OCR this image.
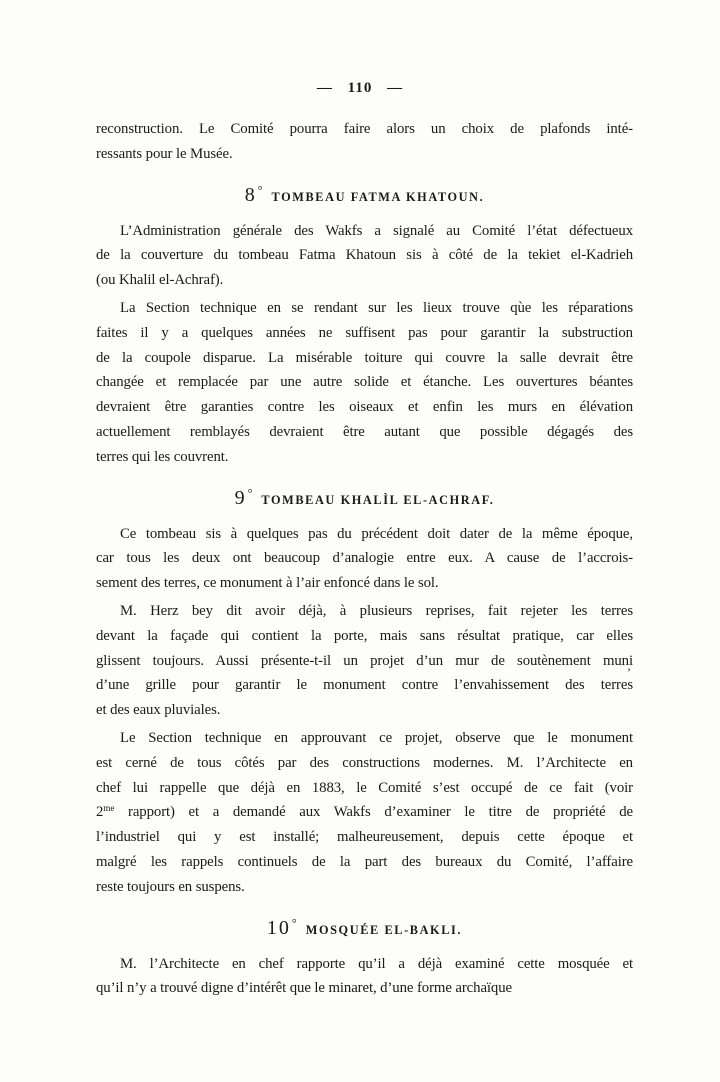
— 110 —
reconstruction. Le Comité pourra faire alors un choix de plafonds inté-
ressants pour le Musée.
8° TOMBEAU FATMA KHATOUN.
L’Administration générale des Wakfs a signalé au Comité l’état défectueux
de la couverture du tombeau Fatma Khatoun sis à côté de la tekiet el-Kadrieh
(ou Khalil el-Achraf).
La Section technique en se rendant sur les lieux trouve qùe les réparations
faites il y a quelques années ne suffisent pas pour garantir la substruction
de la coupole disparue. La misérable toiture qui couvre la salle devrait être
changée et remplacée par une autre solide et étanche. Les ouvertures béantes
devraient être garanties contre les oiseaux et enfin les murs en élévation
actuellement remblayés devraient être autant que possible dégagés des
terres qui les couvrent.
9° TOMBEAU KHALÌL EL-ACHRAF.
Ce tombeau sis à quelques pas du précédent doit dater de la même époque,
car tous les deux ont beaucoup d’analogie entre eux. A cause de l’accrois-
sement des terres, ce monument à l’air enfoncé dans le sol.
M. Herz bey dit avoir déjà, à plusieurs reprises, fait rejeter les terres
devant la façade qui contient la porte, mais sans résultat pratique, car elles
glissent toujours. Aussi présente-t-il un projet d’un mur de soutènement muni
d’une grille pour garantir le monument contre l’envahissement des terres
et des eaux pluviales.
Le Section technique en approuvant ce projet, observe que le monument
est cerné de tous côtés par des constructions modernes. M. l’Architecte en
chef lui rappelle que déjà en 1883, le Comité s’est occupé de ce fait (voir
$2^{me}$ rapport) et a demandé aux Wakfs d’examiner le titre de propriété de
l’industriel qui y est installé; malheureusement, depuis cette époque et
malgré les rappels continuels de la part des bureaux du Comité, l’affaire
reste toujours en suspens.
10° MOSQUÉE EL-BAKLI.
M. l’Architecte en chef rapporte qu’il a déjà examiné cette mosquée et
qu’il n’y a trouvé digne d’intérêt que le minaret, d’une forme archaïque
’
